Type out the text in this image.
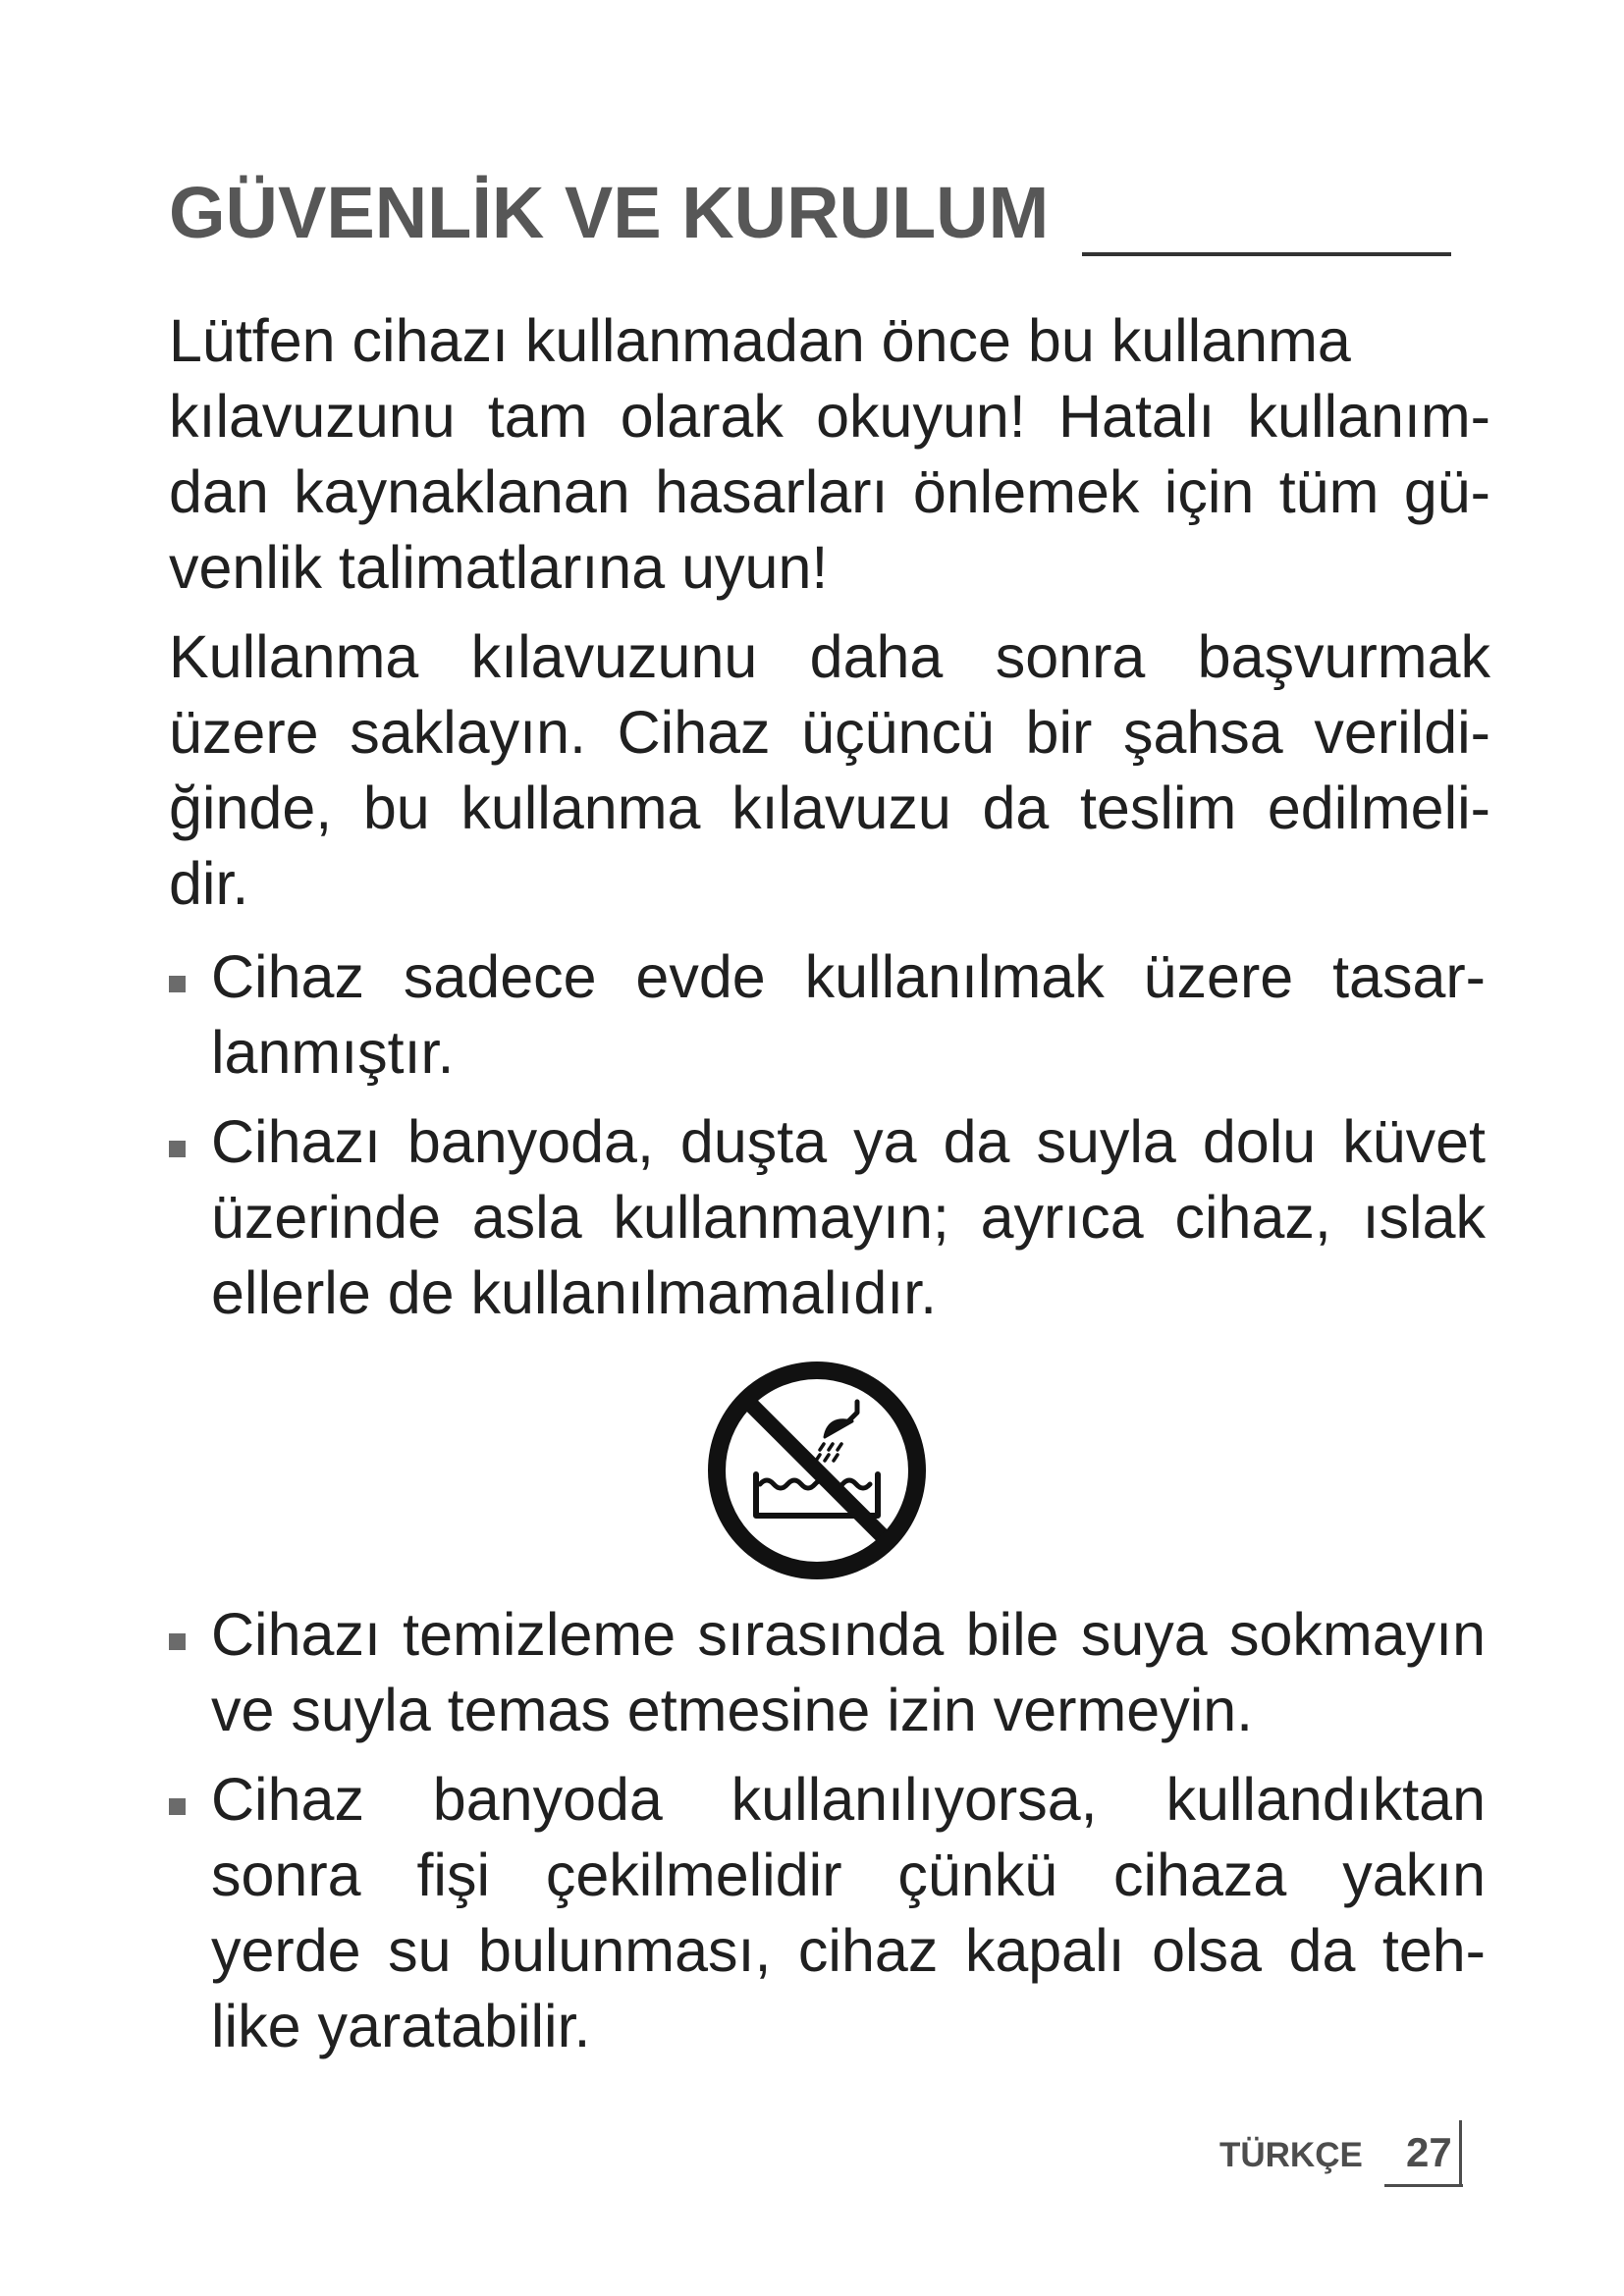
GÜVENLİK VE KURULUM
Lütfen cihazı kullanmadan önce bu kullanma
kılavuzunu tam olarak okuyun! Hatalı kullanım-
dan kaynaklanan hasarları önlemek için tüm gü-
venlik talimatlarına uyun!
Kullanma kılavuzunu daha sonra başvurmak
üzere saklayın. Cihaz üçüncü bir şahsa verildi-
ğinde, bu kullanma kılavuzu da teslim edilmeli-
dir.
Cihaz sadece evde kullanılmak üzere tasar-
lanmıştır.
Cihazı banyoda, duşta ya da suyla dolu küvet
üzerinde asla kullanmayın; ayrıca cihaz, ıslak
ellerle de kullanılmamalıdır.
Cihazı temizleme sırasında bile suya sokmayın
ve suyla temas etmesine izin vermeyin.
Cihaz banyoda kullanılıyorsa, kullandıktan
sonra fişi çekilmelidir çünkü cihaza yakın
yerde su bulunması, cihaz kapalı olsa da teh-
like yaratabilir.
TÜRKÇE 27
